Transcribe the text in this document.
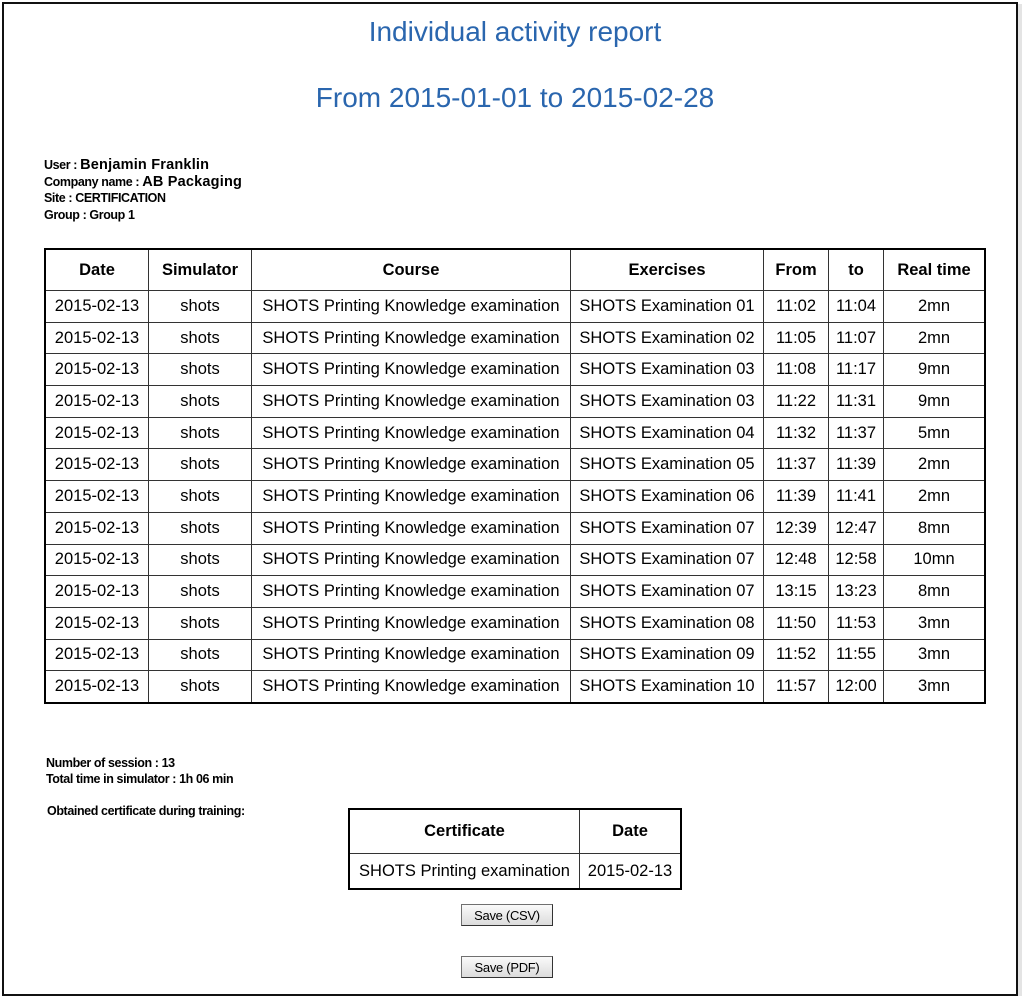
Individual activity report
From 2015-01-01 to 2015-02-28
User : Benjamin Franklin
Company name : AB Packaging
Site : CERTIFICATION
Group : Group 1
Date	Simulator	Course	Exercises	From	to	Real time
2015-02-13	shots	SHOTS Printing Knowledge examination	SHOTS Examination 01	11:02	11:04	2mn
2015-02-13	shots	SHOTS Printing Knowledge examination	SHOTS Examination 02	11:05	11:07	2mn
2015-02-13	shots	SHOTS Printing Knowledge examination	SHOTS Examination 03	11:08	11:17	9mn
2015-02-13	shots	SHOTS Printing Knowledge examination	SHOTS Examination 03	11:22	11:31	9mn
2015-02-13	shots	SHOTS Printing Knowledge examination	SHOTS Examination 04	11:32	11:37	5mn
2015-02-13	shots	SHOTS Printing Knowledge examination	SHOTS Examination 05	11:37	11:39	2mn
2015-02-13	shots	SHOTS Printing Knowledge examination	SHOTS Examination 06	11:39	11:41	2mn
2015-02-13	shots	SHOTS Printing Knowledge examination	SHOTS Examination 07	12:39	12:47	8mn
2015-02-13	shots	SHOTS Printing Knowledge examination	SHOTS Examination 07	12:48	12:58	10mn
2015-02-13	shots	SHOTS Printing Knowledge examination	SHOTS Examination 07	13:15	13:23	8mn
2015-02-13	shots	SHOTS Printing Knowledge examination	SHOTS Examination 08	11:50	11:53	3mn
2015-02-13	shots	SHOTS Printing Knowledge examination	SHOTS Examination 09	11:52	11:55	3mn
2015-02-13	shots	SHOTS Printing Knowledge examination	SHOTS Examination 10	11:57	12:00	3mn
Number of session : 13
Total time in simulator : 1h 06 min
Obtained certificate during training:
Certificate	Date
SHOTS Printing examination	2015-02-13
Save (CSV)
Save (PDF)
